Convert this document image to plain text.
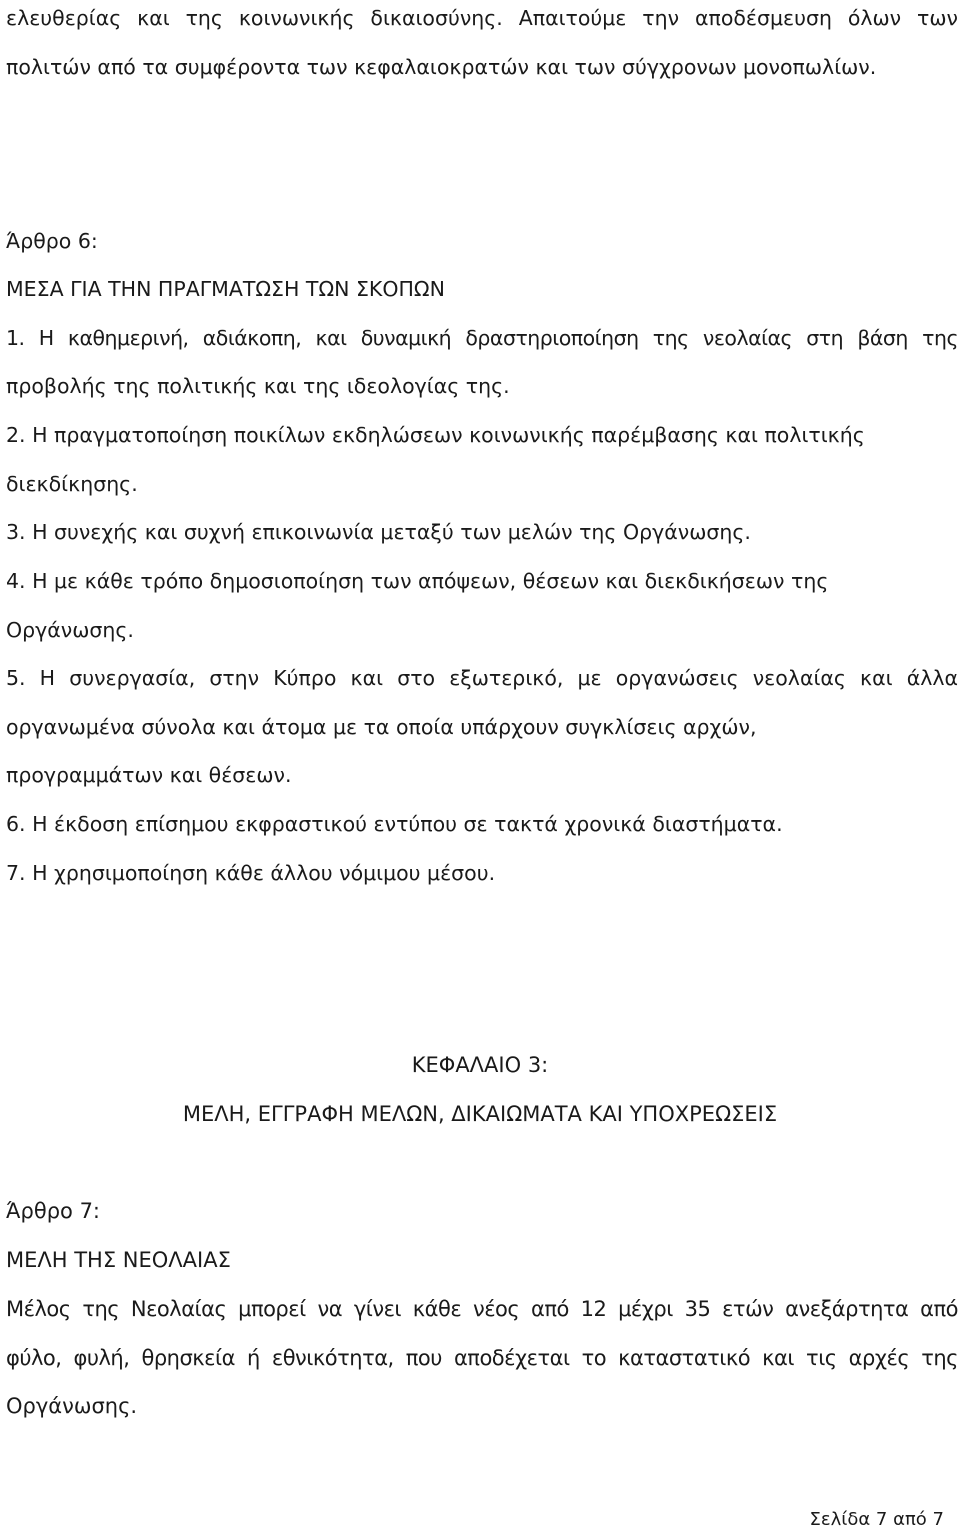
ελευθερίας και της κοινωνικής δικαιοσύνης. Απαιτούμε την αποδέσμευση όλων των
πολιτών από τα συμφέροντα των κεφαλαιοκρατών και των σύγχρονων μονοπωλίων.
Άρθρο 6:
ΜΕΣΑ ΓΙΑ ΤΗΝ ΠΡΑΓΜΑΤΩΣΗ ΤΩΝ ΣΚΟΠΩΝ
1. Η καθημερινή, αδιάκοπη, και δυναμική δραστηριοποίηση της νεολαίας στη βάση της
προβολής της πολιτικής και της ιδεολογίας της.
2. Η πραγματοποίηση ποικίλων εκδηλώσεων κοινωνικής παρέμβασης και πολιτικής
διεκδίκησης.
3. Η συνεχής και συχνή επικοινωνία μεταξύ των μελών της Οργάνωσης.
4. Η με κάθε τρόπο δημοσιοποίηση των απόψεων, θέσεων και διεκδικήσεων της
Οργάνωσης.
5. Η συνεργασία, στην Κύπρο και στο εξωτερικό, με οργανώσεις νεολαίας και άλλα
οργανωμένα σύνολα και άτομα με τα οποία υπάρχουν συγκλίσεις αρχών,
προγραμμάτων και θέσεων.
6. Η έκδοση επίσημου εκφραστικού εντύπου σε τακτά χρονικά διαστήματα.
7. Η χρησιμοποίηση κάθε άλλου νόμιμου μέσου.
ΚΕΦΑΛΑΙΟ 3:
ΜΕΛΗ, ΕΓΓΡΑΦΗ ΜΕΛΩΝ, ΔΙΚΑΙΩΜΑΤΑ ΚΑΙ ΥΠΟΧΡΕΩΣΕΙΣ
Άρθρο 7:
ΜΕΛΗ ΤΗΣ ΝΕΟΛΑΙΑΣ
Μέλος της Νεολαίας μπορεί να γίνει κάθε νέος από 12 μέχρι 35 ετών ανεξάρτητα από
φύλο, φυλή, θρησκεία ή εθνικότητα, που αποδέχεται το καταστατικό και τις αρχές της
Οργάνωσης.
Σελίδα 7 από 7
